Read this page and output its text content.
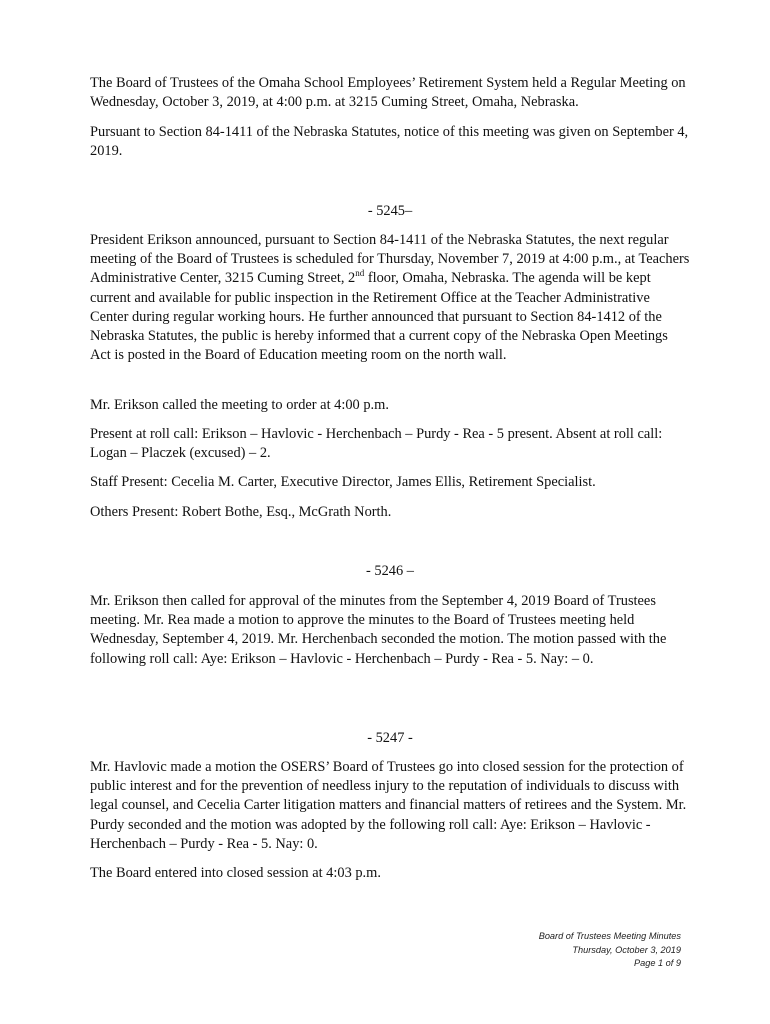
The Board of Trustees of the Omaha School Employees’ Retirement System held a Regular Meeting on Wednesday, October 3, 2019, at 4:00 p.m. at 3215 Cuming Street, Omaha, Nebraska.

Pursuant to Section 84-1411 of the Nebraska Statutes, notice of this meeting was given on September 4, 2019.

- 5245–

President Erikson announced, pursuant to Section 84-1411 of the Nebraska Statutes, the next regular meeting of the Board of Trustees is scheduled for Thursday, November 7, 2019 at 4:00 p.m., at Teachers Administrative Center, 3215 Cuming Street, 2nd floor, Omaha, Nebraska. The agenda will be kept current and available for public inspection in the Retirement Office at the Teacher Administrative Center during regular working hours. He further announced that pursuant to Section 84-1412 of the Nebraska Statutes, the public is hereby informed that a current copy of the Nebraska Open Meetings Act is posted in the Board of Education meeting room on the north wall.

Mr. Erikson called the meeting to order at 4:00 p.m.

Present at roll call: Erikson – Havlovic - Herchenbach – Purdy - Rea - 5 present. Absent at roll call: Logan – Placzek (excused) – 2.

Staff Present: Cecelia M. Carter, Executive Director, James Ellis, Retirement Specialist.

Others Present: Robert Bothe, Esq., McGrath North.

- 5246 –

Mr. Erikson then called for approval of the minutes from the September 4, 2019 Board of Trustees meeting. Mr. Rea made a motion to approve the minutes to the Board of Trustees meeting held Wednesday, September 4, 2019. Mr. Herchenbach seconded the motion. The motion passed with the following roll call: Aye: Erikson – Havlovic - Herchenbach – Purdy - Rea - 5. Nay: – 0.

- 5247 -

Mr. Havlovic made a motion the OSERS’ Board of Trustees go into closed session for the protection of public interest and for the prevention of needless injury to the reputation of individuals to discuss with legal counsel, and Cecelia Carter litigation matters and financial matters of retirees and the System. Mr. Purdy seconded and the motion was adopted by the following roll call: Aye: Erikson – Havlovic - Herchenbach – Purdy - Rea - 5. Nay: 0.

The Board entered into closed session at 4:03 p.m.

Board of Trustees Meeting Minutes
Thursday, October 3, 2019
Page 1 of 9
